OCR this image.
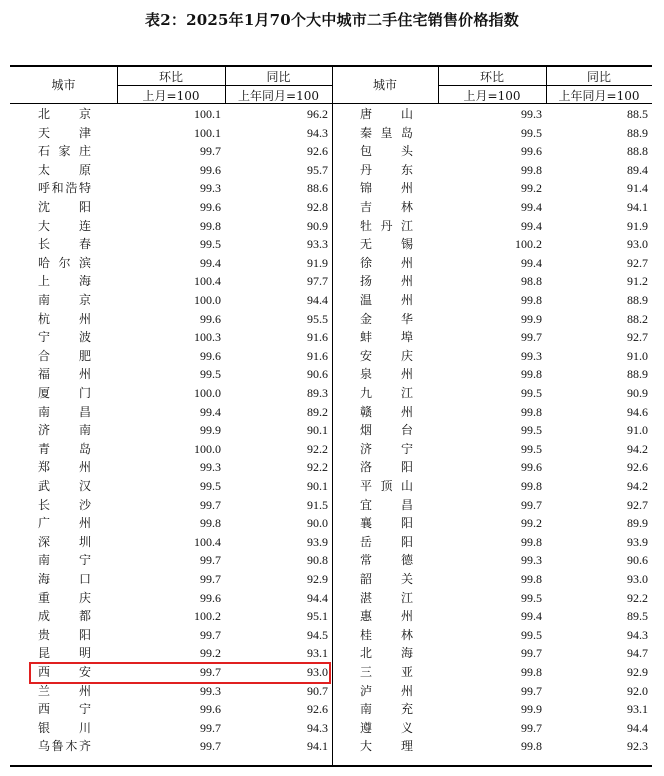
表2：2025年1月70个大中城市二手住宅销售价格指数
城市
环比	同比
上月=100	上年同月=100
城市
环比	同比
上月=100	上年同月=100
北 京	100.1	96.2
天 津	100.1	94.3
石 家 庄	99.7	92.6
太 原	99.6	95.7
呼 和 浩 特	99.3	88.6
沈 阳	99.6	92.8
大 连	99.8	90.9
长 春	99.5	93.3
哈 尔 滨	99.4	91.9
上 海	100.4	97.7
南 京	100.0	94.4
杭 州	99.6	95.5
宁 波	100.3	91.6
合 肥	99.6	91.6
福 州	99.5	90.6
厦 门	100.0	89.3
南 昌	99.4	89.2
济 南	99.9	90.1
青 岛	100.0	92.2
郑 州	99.3	92.2
武 汉	99.5	90.1
长 沙	99.7	91.5
广 州	99.8	90.0
深 圳	100.4	93.9
南 宁	99.7	90.8
海 口	99.7	92.9
重 庆	99.6	94.4
成 都	100.2	95.1
贵 阳	99.7	94.5
昆 明	99.2	93.1
西 安	99.7	93.0
兰 州	99.3	90.7
西 宁	99.6	92.6
银 川	99.7	94.3
乌 鲁 木 齐	99.7	94.1
唐 山	99.3	88.5
秦 皇 岛	99.5	88.9
包 头	99.6	88.8
丹 东	99.8	89.4
锦 州	99.2	91.4
吉 林	99.4	94.1
牡 丹 江	99.4	91.9
无 锡	100.2	93.0
徐 州	99.4	92.7
扬 州	98.8	91.2
温 州	99.8	88.9
金 华	99.9	88.2
蚌 埠	99.7	92.7
安 庆	99.3	91.0
泉 州	99.8	88.9
九 江	99.5	90.9
赣 州	99.8	94.6
烟 台	99.5	91.0
济 宁	99.5	94.2
洛 阳	99.6	92.6
平 顶 山	99.8	94.2
宜 昌	99.7	92.7
襄 阳	99.2	89.9
岳 阳	99.8	93.9
常 德	99.3	90.6
韶 关	99.8	93.0
湛 江	99.5	92.2
惠 州	99.4	89.5
桂 林	99.5	94.3
北 海	99.7	94.7
三 亚	99.8	92.9
泸 州	99.7	92.0
南 充	99.9	93.1
遵 义	99.7	94.4
大 理	99.8	92.3
